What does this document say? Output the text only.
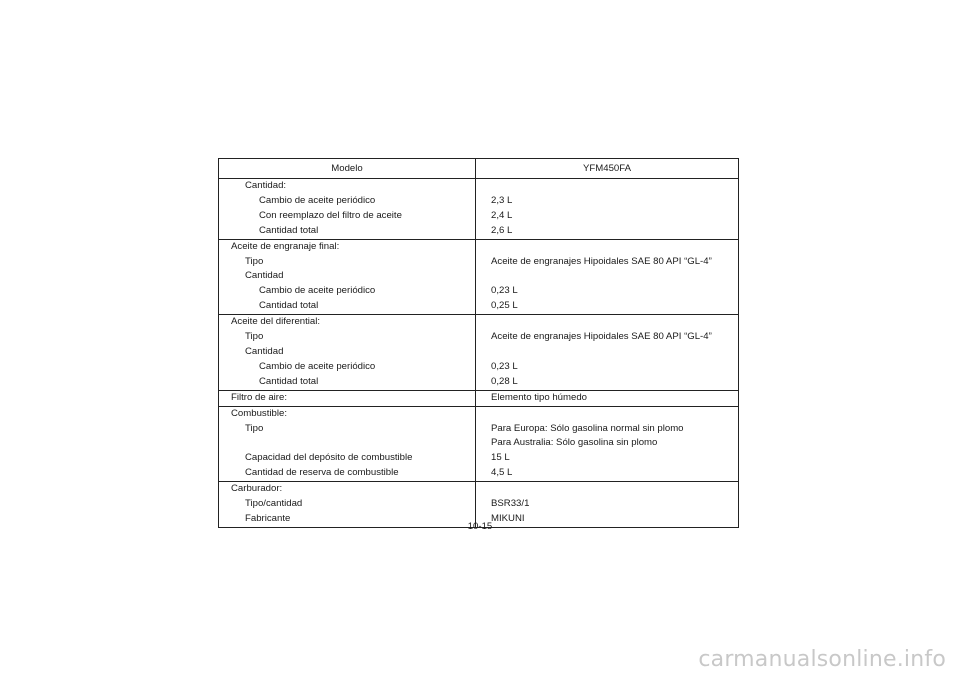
Modelo	YFM450FA
Cantidad:	
Cambio de aceite periódico	2,3 L
Con reemplazo del filtro de aceite	2,4 L
Cantidad total	2,6 L
Aceite de engranaje final:	
Tipo	Aceite de engranajes Hipoidales SAE 80 API “GL-4”
Cantidad	
Cambio de aceite periódico	0,23 L
Cantidad total	0,25 L
Aceite del diferential:	
Tipo	Aceite de engranajes Hipoidales SAE 80 API “GL-4”
Cantidad	
Cambio de aceite periódico	0,23 L
Cantidad total	0,28 L
Filtro de aire:	Elemento tipo húmedo
Combustible:	
Tipo	Para Europa: Sólo gasolina normal sin plomo
	Para Australia: Sólo gasolina sin plomo
Capacidad del depósito de combustible	15 L
Cantidad de reserva de combustible	4,5 L
Carburador:	
Tipo/cantidad	BSR33/1
Fabricante	MIKUNI
10-15
carmanualsonline.info
